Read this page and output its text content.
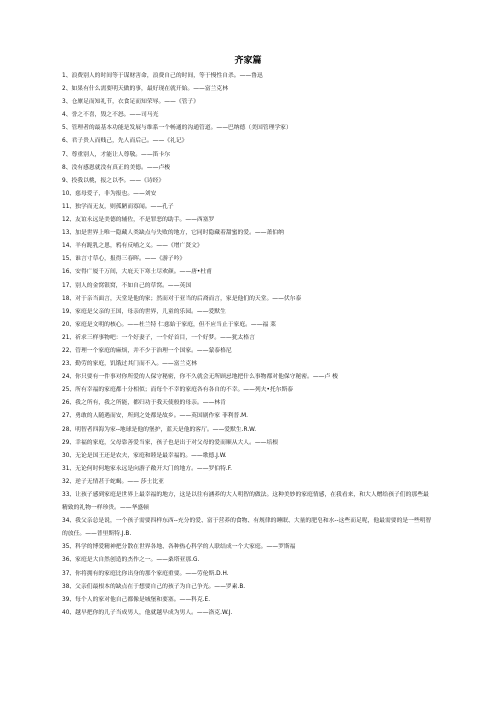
齐家篇
1、浪费别人的时间等于谋财害命，浪费自己的时间，等于慢性自杀。——鲁迅
2、如果有什么需要明天做的事，最好现在就开始。——富兰克林
3、仓廪足而知礼节，衣食足而知荣辱。——《管子》
4、誉之不喜，毁之不怒。——司马光
5、管理者的最基本功能是发展与维系一个畅通的沟通管道。——巴纳德（美国管理学家）
6、君子贵人而贱己，先人而后己。——《礼记》
7、尊重别人，才能让人尊敬。——笛卡尔
8、没有感恩就没有真正的美德。——卢梭
9、投我以桃，报之以李。——《诗经》
10、慈母爱子，非为报也。——刘安
11、独学而无友，则孤陋而寡闻。——孔子
12、友谊永远是美德的辅佐，不是罪恶的助手。——西塞罗
13、加是世界上唯一隐藏人类缺点与失败的地方，它同时隐藏着甜蜜的爱。——萧伯纳
14、羊有跪乳之恩，鸦有反哺之义。——《增广贤文》
15、谁言寸草心，报得三春晖。——《游子吟》
16、安得广厦千万间，大庇天下寒士尽欢颜。——唐•杜甫
17、别人的金窝银窝，不如自己的草窝。——英国
18、对于亲当面言，天堂是他的家；然而对于亚当的后裔而言，家是他们的天堂。——伏尔泰
19、家庭是父亲的王国，母亲的世界，儿童的乐园。——爱默生
20、家庭是文明的核心。——杜兰特 仁慈始于家庭，但不应当止于家庭。——福 莱
21、祈求三样事物吧：一个好妻子，一个好首目，一个好梦。——犹太格言
22、管理一个家庭的麻烦，并不少于治理一个国家。——蒙泰格尼
23、勤劳的家庭，饥饿过其门而不入。——富兰克林
24、你只要有一件事对你所爱的人保守秘密，你不久就会无所顾忌地把什么事物都对他保守秘密。——卢 梭
25、所有幸福的家庭都十分相似；而每个不幸的家庭各有各自的不幸。——列夫•托尔斯泰
26、我之所有，我之所能，都归功于我天使般的母亲。——林肯
27、勇敢的人随遇而安，所到之处都是故乡。——英国剧作家 菲利普.M.
28、明智者四海为家--地球是他的堡护，蓝天是他的客厅。——爱默生.R.W.
29、幸福的家庭，父母靠善爱当家，孩子也是出于对父母的爱而顺从大人。——培根
30、无论是国王还是农夫，家庭和睦是最幸福的。——歌德.J.W.
31、无论何时何地家永远是向游子敞开大门的地方。——罗伯特.F.
32、逆子无情甚于蛇蝎。—— 莎士比亚
33、让孩子感到家庭是世界上最幸福的地方，这是以往有涵养的大人明智的做法。这种美妙的家庭情感，在我看来，和大人赠给孩子们的那些最精致的礼物一样珍贵。——华盛顿
34、我父亲总是说，一个孩子需要四样东西--充分的爱、富于营养的食物、有规律的睡眠、大量的肥皂和水--这些而足呢，他最需要的是一些明智的放任。——普里斯特.J.B.
35、科学的博爱精神把分散在世界各地、各种热心科学的人联结成一个大家庭。——罗斯福
36、家庭是大自然创造的杰作之一。——桑塔亚那.G.
37、你将拥有的家庭比你出身的那个家庭重要。——劳伦斯.D.H.
38、父亲们最根本的缺点在于想要自己的孩子为自己争光。——罗素.B.
39、每个人的家对他自己都像是城堡和要塞。——科克.E.
40、越早把你的儿子当成男人，他就越早成为男人。——洛克.W.J.
